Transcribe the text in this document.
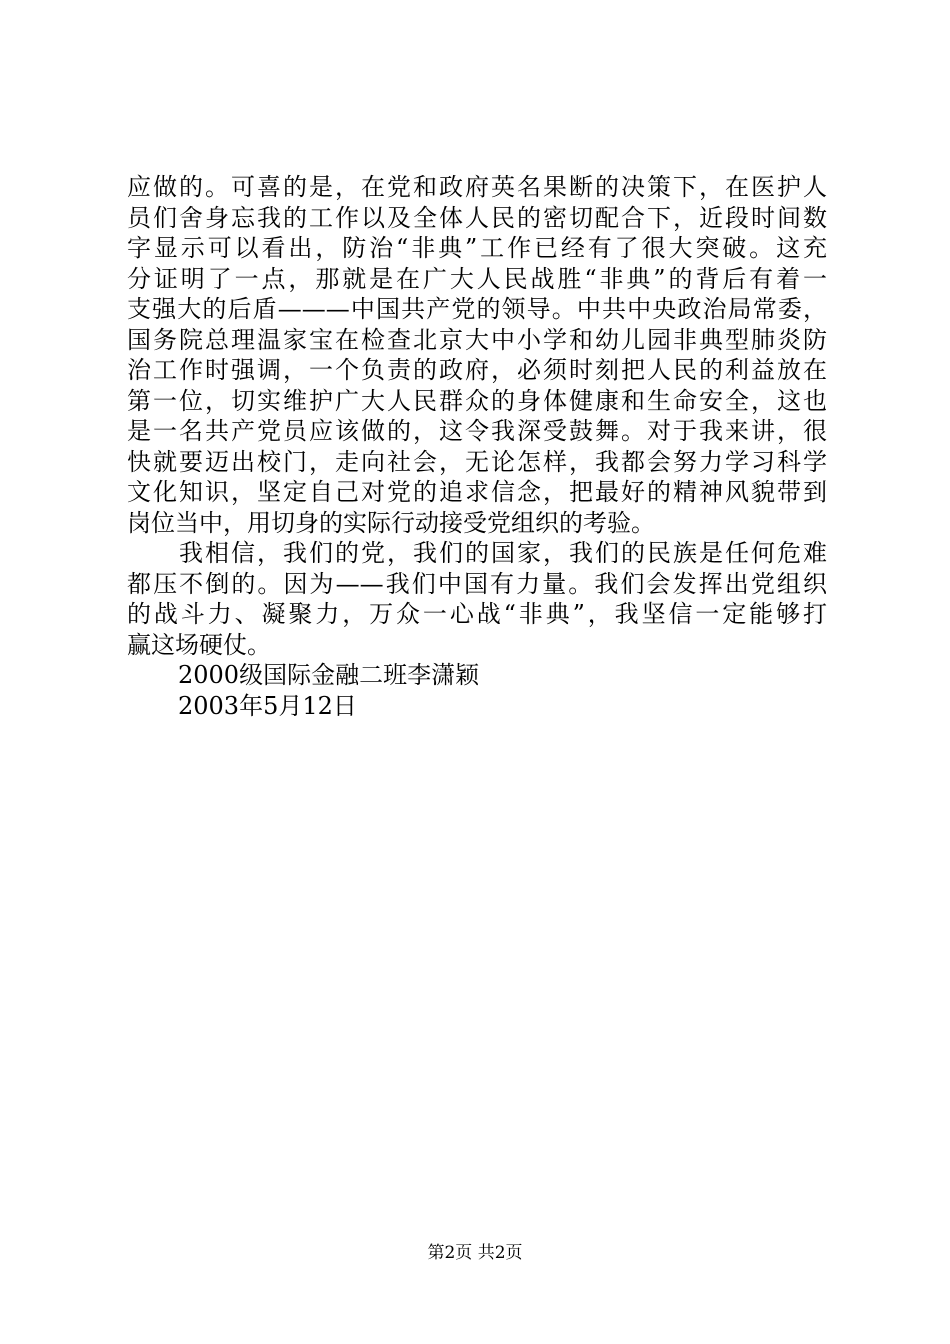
应做的。可喜的是，在党和政府英名果断的决策下，在医护人
员们舍身忘我的工作以及全体人民的密切配合下，近段时间数
字显示可以看出，防治“非典”工作已经有了很大突破。这充
分证明了一点，那就是在广大人民战胜“非典”的背后有着一
支强大的后盾———中国共产党的领导。中共中央政治局常委，
国务院总理温家宝在检查北京大中小学和幼儿园非典型肺炎防
治工作时强调，一个负责的政府，必须时刻把人民的利益放在
第一位，切实维护广大人民群众的身体健康和生命安全，这也
是一名共产党员应该做的，这令我深受鼓舞。对于我来讲，很
快就要迈出校门，走向社会，无论怎样，我都会努力学习科学
文化知识，坚定自己对党的追求信念，把最好的精神风貌带到
岗位当中，用切身的实际行动接受党组织的考验。
　　我相信，我们的党，我们的国家，我们的民族是任何危难
都压不倒的。因为——我们中国有力量。我们会发挥出党组织
的战斗力、凝聚力，万众一心战“非典”，我坚信一定能够打
赢这场硬仗。
2000级国际金融二班李潇颖
2003年5月12日
第2页 共2页
